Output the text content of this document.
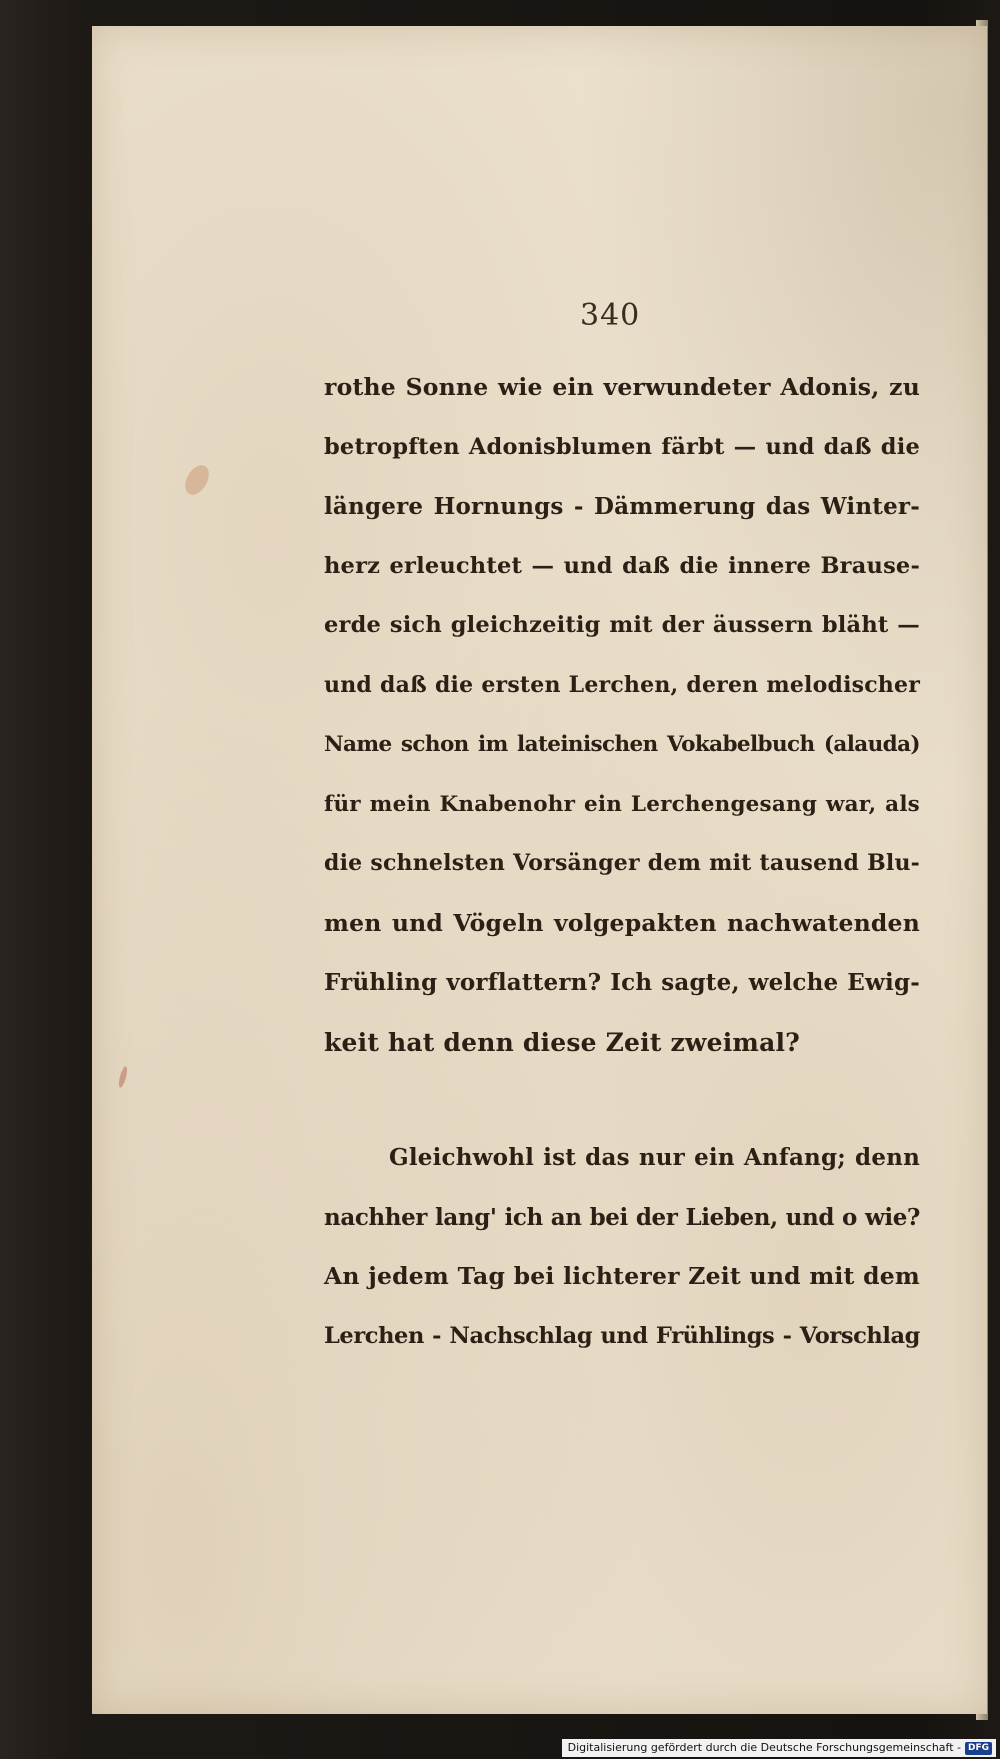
340
rothe Sonne wie ein verwundeter Adonis, zu
betropften Adonisblumen färbt — und daß die
längere Hornungs - Dämmerung das Winter-
herz erleuchtet — und daß die innere Brause-
erde sich gleichzeitig mit der äussern bläht —
und daß die ersten Lerchen, deren melodischer
Name schon im lateinischen Vokabelbuch (alauda)
für mein Knabenohr ein Lerchengesang war, als
die schnelsten Vorsänger dem mit tausend Blu-
men und Vögeln volgepakten nachwatenden
Frühling vorflattern? Ich sagte, welche Ewig-
keit hat denn diese Zeit zweimal?
Gleichwohl ist das nur ein Anfang; denn
nachher lang' ich an bei der Lieben, und o wie?
An jedem Tag bei lichterer Zeit und mit dem
Lerchen - Nachschlag und Frühlings - Vorschlag
Digitalisierung gefördert durch die Deutsche Forschungsgemeinschaft - DFG
